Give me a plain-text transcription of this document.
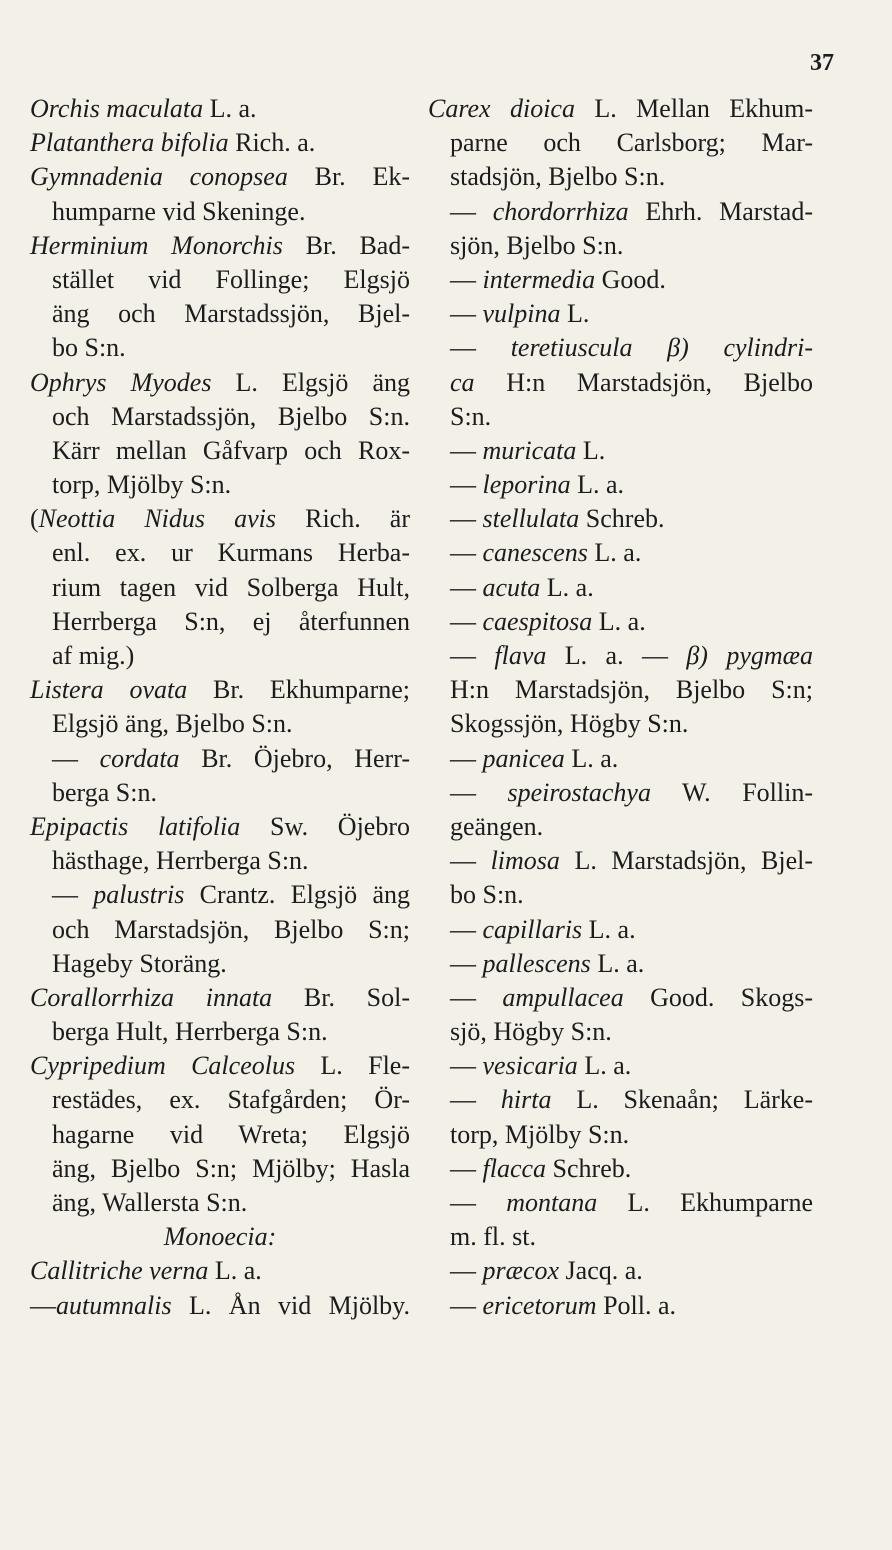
37
Orchis maculata L. a.
Platanthera bifolia Rich. a.
Gymnadenia conopsea Br. Ek-
humparne vid Skeninge.
Herminium Monorchis Br. Bad-
stället vid Follinge; Elgsjö
äng och Marstadssjön, Bjel-
bo S:n.
Ophrys Myodes L. Elgsjö äng
och Marstadssjön, Bjelbo S:n.
Kärr mellan Gåfvarp och Rox-
torp, Mjölby S:n.
(Neottia Nidus avis Rich. är
enl. ex. ur Kurmans Herba-
rium tagen vid Solberga Hult,
Herrberga S:n, ej återfunnen
af mig.)
Listera ovata Br. Ekhumparne;
Elgsjö äng, Bjelbo S:n.
— cordata Br. Öjebro, Herr-
berga S:n.
Epipactis latifolia Sw. Öjebro
hästhage, Herrberga S:n.
— palustris Crantz. Elgsjö äng
och Marstadsjön, Bjelbo S:n;
Hageby Storäng.
Corallorrhiza innata Br. Sol-
berga Hult, Herrberga S:n.
Cypripedium Calceolus L. Fle-
restädes, ex. Stafgården; Ör-
hagarne vid Wreta; Elgsjö
äng, Bjelbo S:n; Mjölby; Hasla
äng, Wallersta S:n.
Monoecia:
Callitriche verna L. a.
—autumnalis L. Ån vid Mjölby.
Carex dioica L. Mellan Ekhum-
parne och Carlsborg; Mar-
stadsjön, Bjelbo S:n.
— chordorrhiza Ehrh. Marstad-
sjön, Bjelbo S:n.
— intermedia Good.
— vulpina L.
— teretiuscula β) cylindri-
ca H:n Marstadsjön, Bjelbo
S:n.
— muricata L.
— leporina L. a.
— stellulata Schreb.
— canescens L. a.
— acuta L. a.
— caespitosa L. a.
— flava L. a. — β) pygmæa
H:n Marstadsjön, Bjelbo S:n;
Skogssjön, Högby S:n.
— panicea L. a.
— speirostachya W. Follin-
geängen.
— limosa L. Marstadsjön, Bjel-
bo S:n.
— capillaris L. a.
— pallescens L. a.
— ampullacea Good. Skogs-
sjö, Högby S:n.
— vesicaria L. a.
— hirta L. Skenaån; Lärke-
torp, Mjölby S:n.
— flacca Schreb.
— montana L. Ekhumparne
m. fl. st.
— præcox Jacq. a.
— ericetorum Poll. a.
